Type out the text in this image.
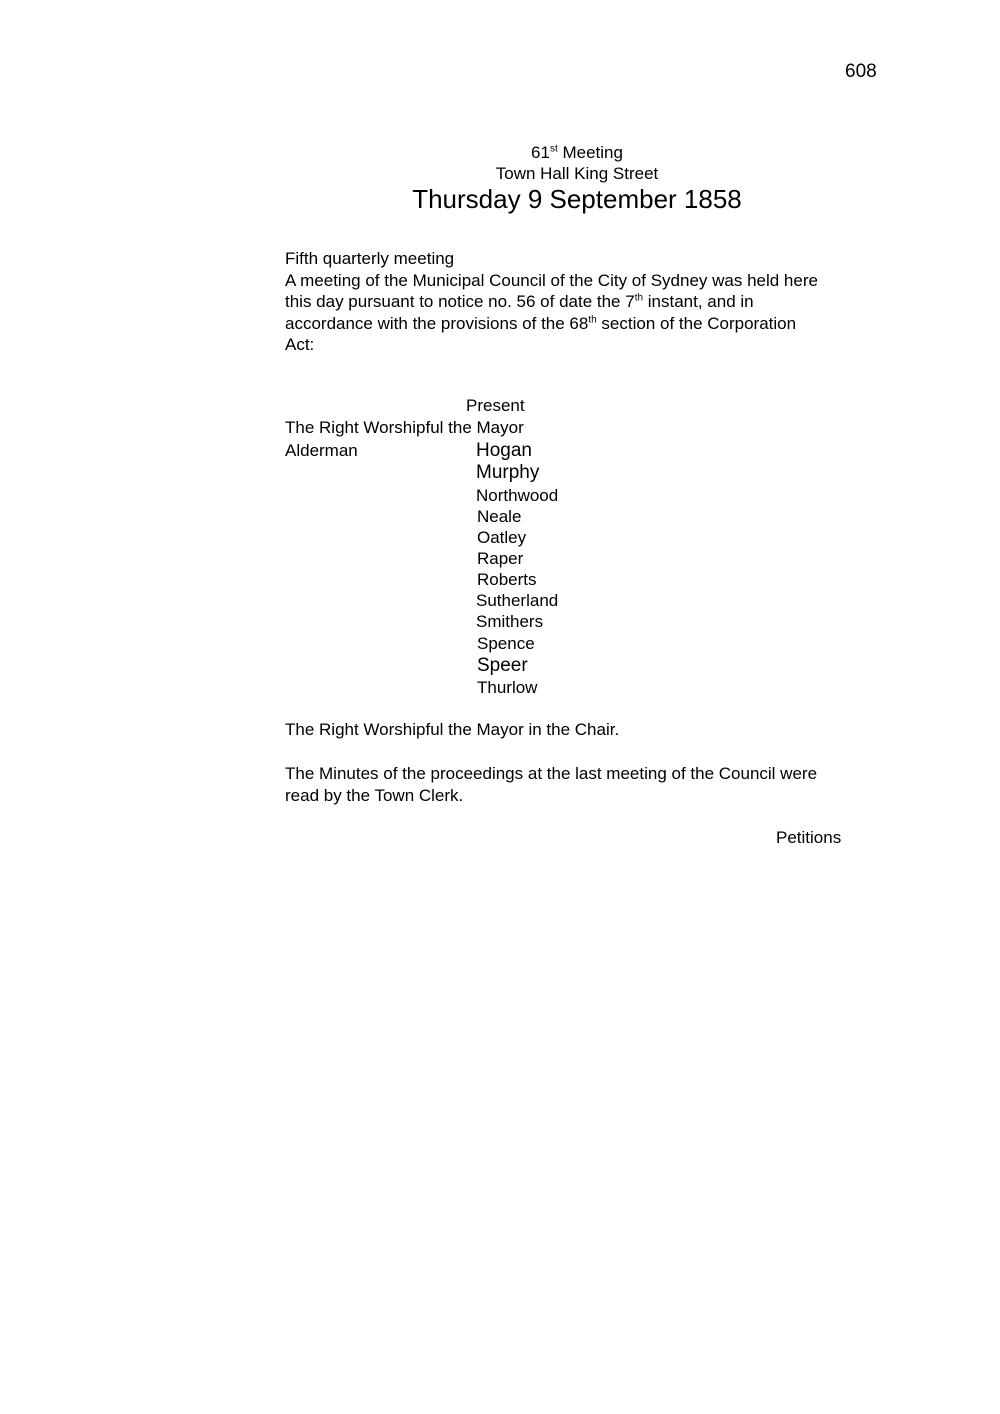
608
61st Meeting
Town Hall King Street
Thursday 9 September 1858
Fifth quarterly meeting
A meeting of the Municipal Council of the City of Sydney was held here
this day pursuant to notice no. 56 of date the 7th instant, and in
accordance with the provisions of the 68th section of the Corporation
Act:
Present
The Right Worshipful the Mayor
Alderman	Hogan
Murphy
Northwood
Neale
Oatley
Raper
Roberts
Sutherland
Smithers
Spence
Speer
Thurlow
The Right Worshipful the Mayor in the Chair.
The Minutes of the proceedings at the last meeting of the Council were
read by the Town Clerk.
Petitions
